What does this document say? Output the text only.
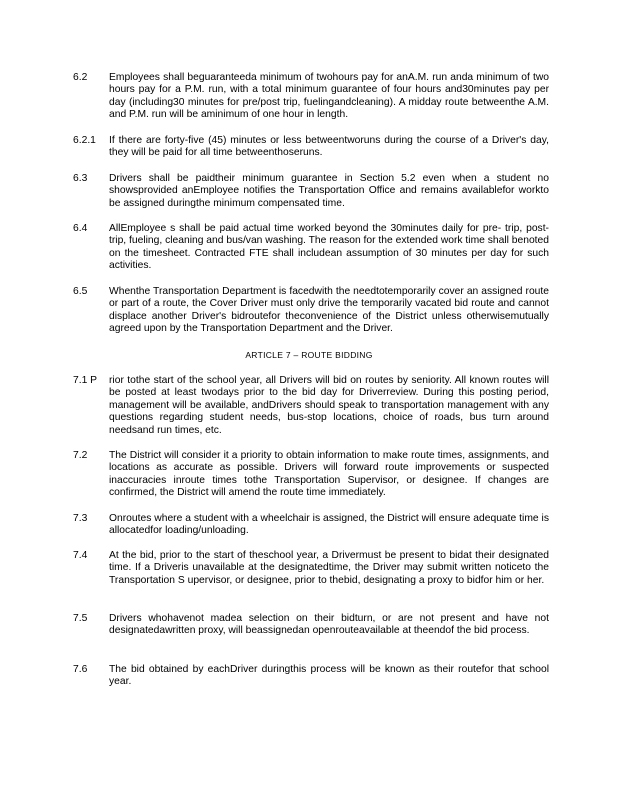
6.2 Employees shall beguaranteeda minimum of twohours pay for anA.M. run anda minimum of two hours pay for a P.M. run, with a total minimum guarantee of four hours and30minutes pay per day (including30 minutes for pre/post trip, fuelingandcleaning). A midday route betweenthe A.M. and P.M. run will be aminimum of one hour in length.
6.2.1 If there are forty-five (45) minutes or less betweentworuns during the course of a Driver's day, they will be paid for all time betweenthoseruns.
6.3 Drivers shall be paidtheir minimum guarantee in Section 5.2 even when a student no showsprovided anEmployee notifies the Transportation Office and remains availablefor workto be assigned duringthe minimum compensated time.
6.4 AllEmployee s shall be paid actual time worked beyond the 30minutes daily for pre- trip, post-trip, fueling, cleaning and bus/van washing. The reason for the extended work time shall benoted on the timesheet. Contracted FTE shall includean assumption of 30 minutes per day for such activities.
6.5 Whenthe Transportation Department is facedwith the needtotemporarily cover an assigned route or part of a route, the Cover Driver must only drive the temporarily vacated bid route and cannot displace another Driver's bidroutefor theconvenience of the District unless otherwisemutually agreed upon by the Transportation Department and the Driver.
ARTICLE 7 – ROUTE BIDDING
7.1 P rior tothe start of the school year, all Drivers will bid on routes by seniority. All known routes will be posted at least twodays prior to the bid day for Driverreview. During this posting period, management will be available, andDrivers should speak to transportation management with any questions regarding student needs, bus-stop locations, choice of roads, bus turn around needsand run times, etc.
7.2 The District will consider it a priority to obtain information to make route times, assignments, and locations as accurate as possible. Drivers will forward route improvements or suspected inaccuracies inroute times tothe Transportation Supervisor, or designee. If changes are confirmed, the District will amend the route time immediately.
7.3 Onroutes where a student with a wheelchair is assigned, the District will ensure adequate time is allocatedfor loading/unloading.
7.4 At the bid, prior to the start of theschool year, a Drivermust be present to bidat their designated time. If a Driveris unavailable at the designatedtime, the Driver may submit written noticeto the Transportation S upervisor, or designee, prior to thebid, designating a proxy to bidfor him or her.
7.5 Drivers whohavenot madea selection on their bidturn, or are not present and have not designatedawritten proxy, will beassignedan openrouteavailable at theendof the bid process.
7.6 The bid obtained by eachDriver duringthis process will be known as their routefor that school year.
